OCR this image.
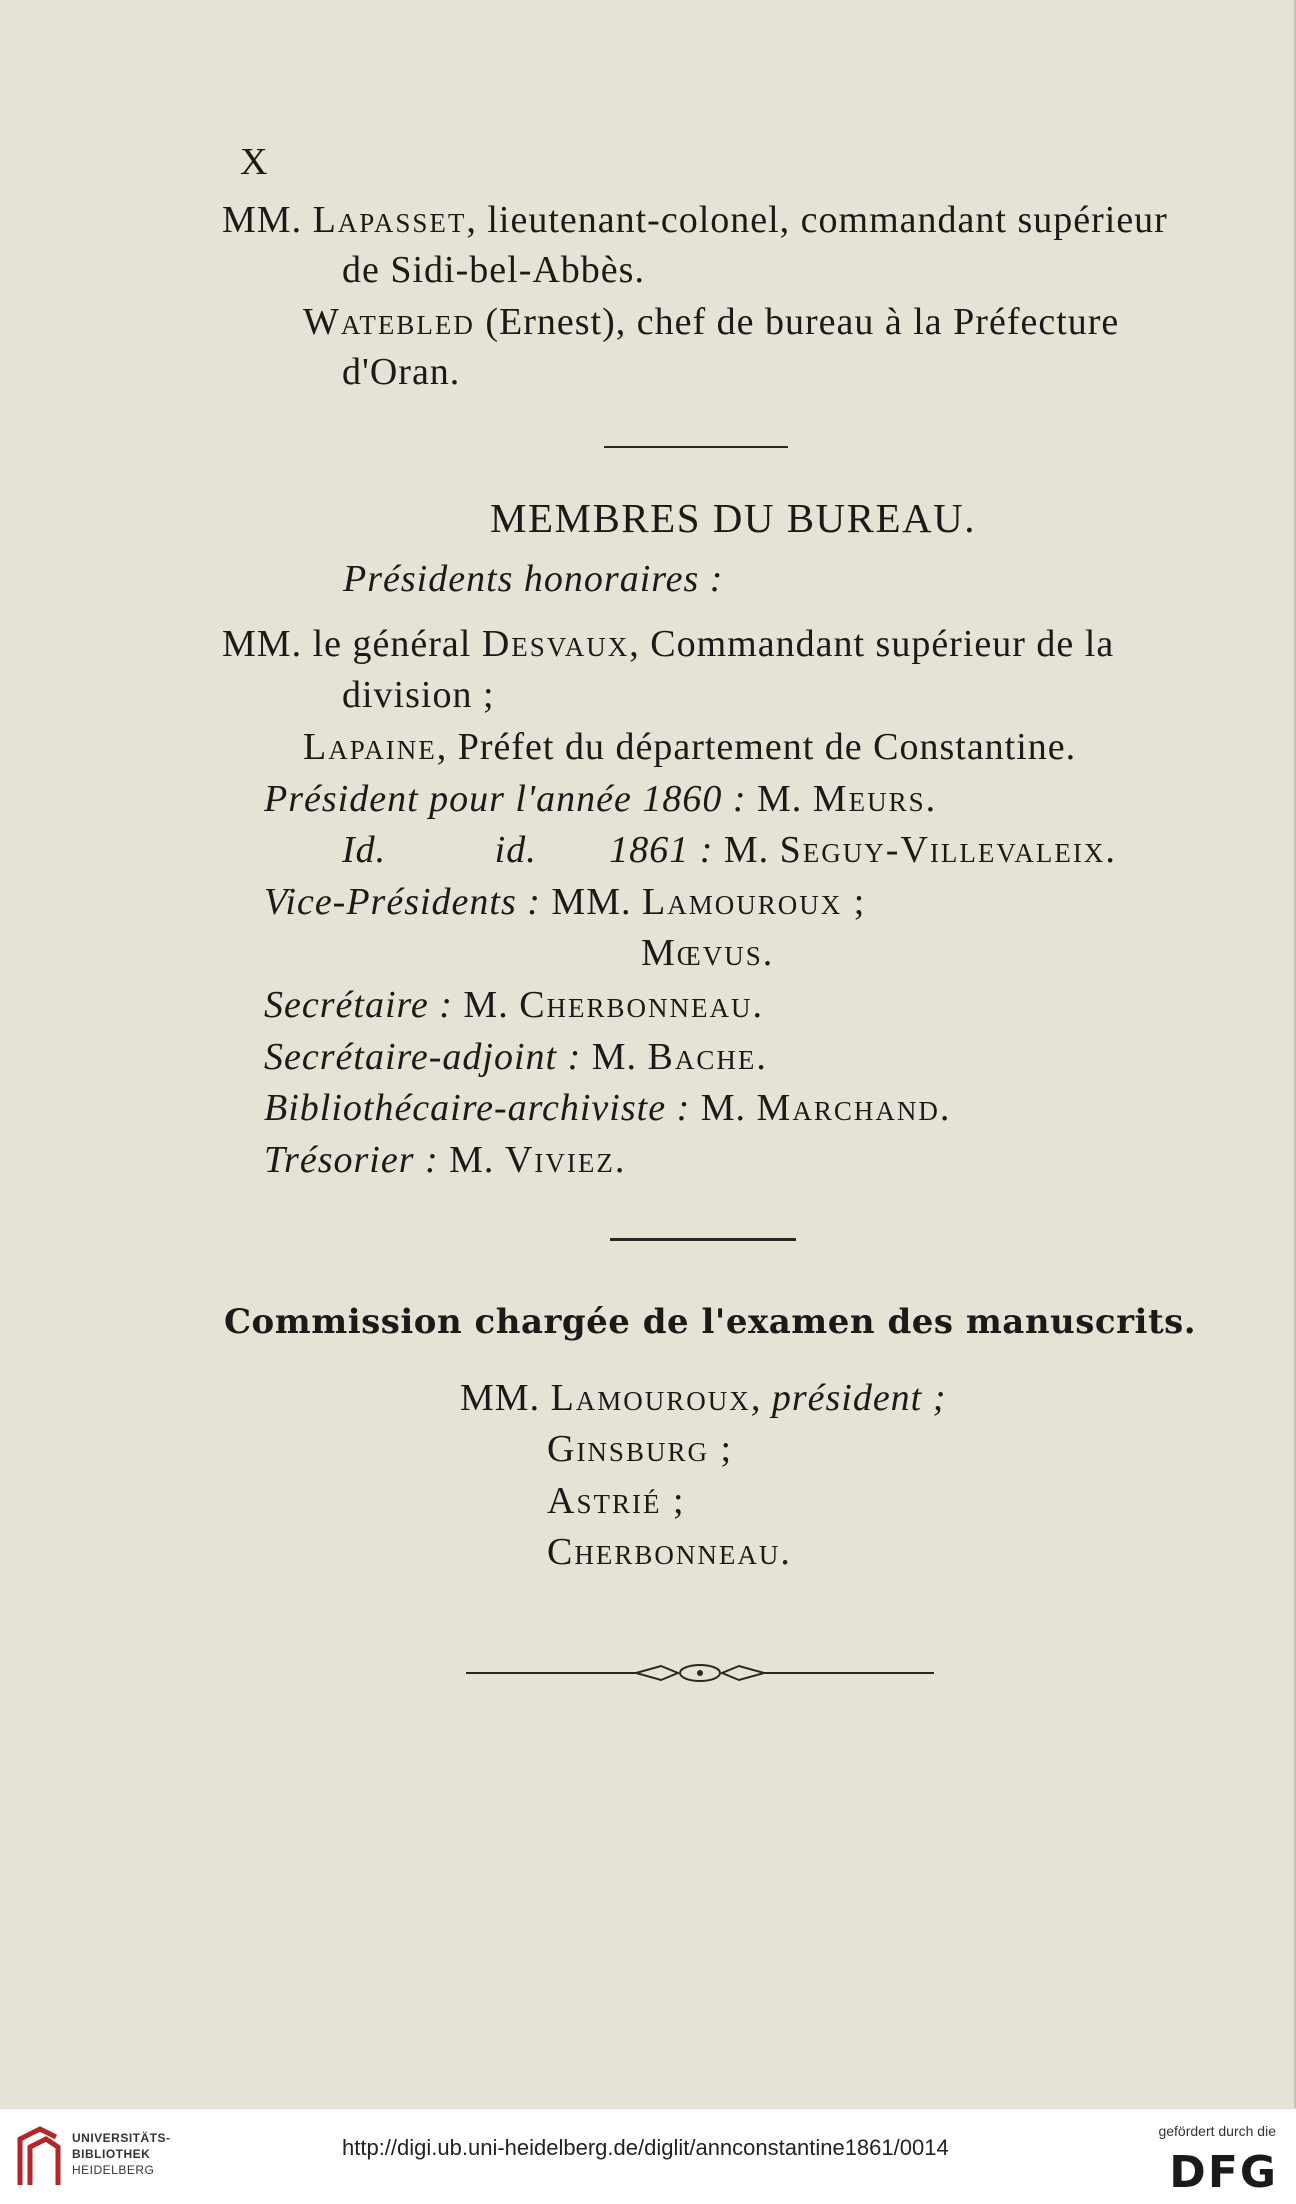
X
MM. Lapasset, lieutenant-colonel, commandant supérieur
de Sidi-bel-Abbès.
Watebled (Ernest), chef de bureau à la Préfecture
d'Oran.
MEMBRES DU BUREAU.
Présidents honoraires :
MM. le général Desvaux, Commandant supérieur de la
division ;
Lapaine, Préfet du département de Constantine.
Président pour l'année 1860 : M. Meurs.
Id.	id. 1861 : M. Seguy-Villevaleix.
Vice-Présidents : MM. Lamouroux ;
Mœvus.
Secrétaire : M. Cherbonneau.
Secrétaire-adjoint : M. Bache.
Bibliothécaire-archiviste : M. Marchand.
Trésorier : M. Viviez.
Commission chargée de l'examen des manuscrits.
MM. Lamouroux, président ;
Ginsburg ;
Astrié ;
Cherbonneau.
UNIVERSITÄTS-
BIBLIOTHEK
HEIDELBERG
http://digi.ub.uni-heidelberg.de/diglit/annconstantine1861/0014
gefördert durch die
DFG
